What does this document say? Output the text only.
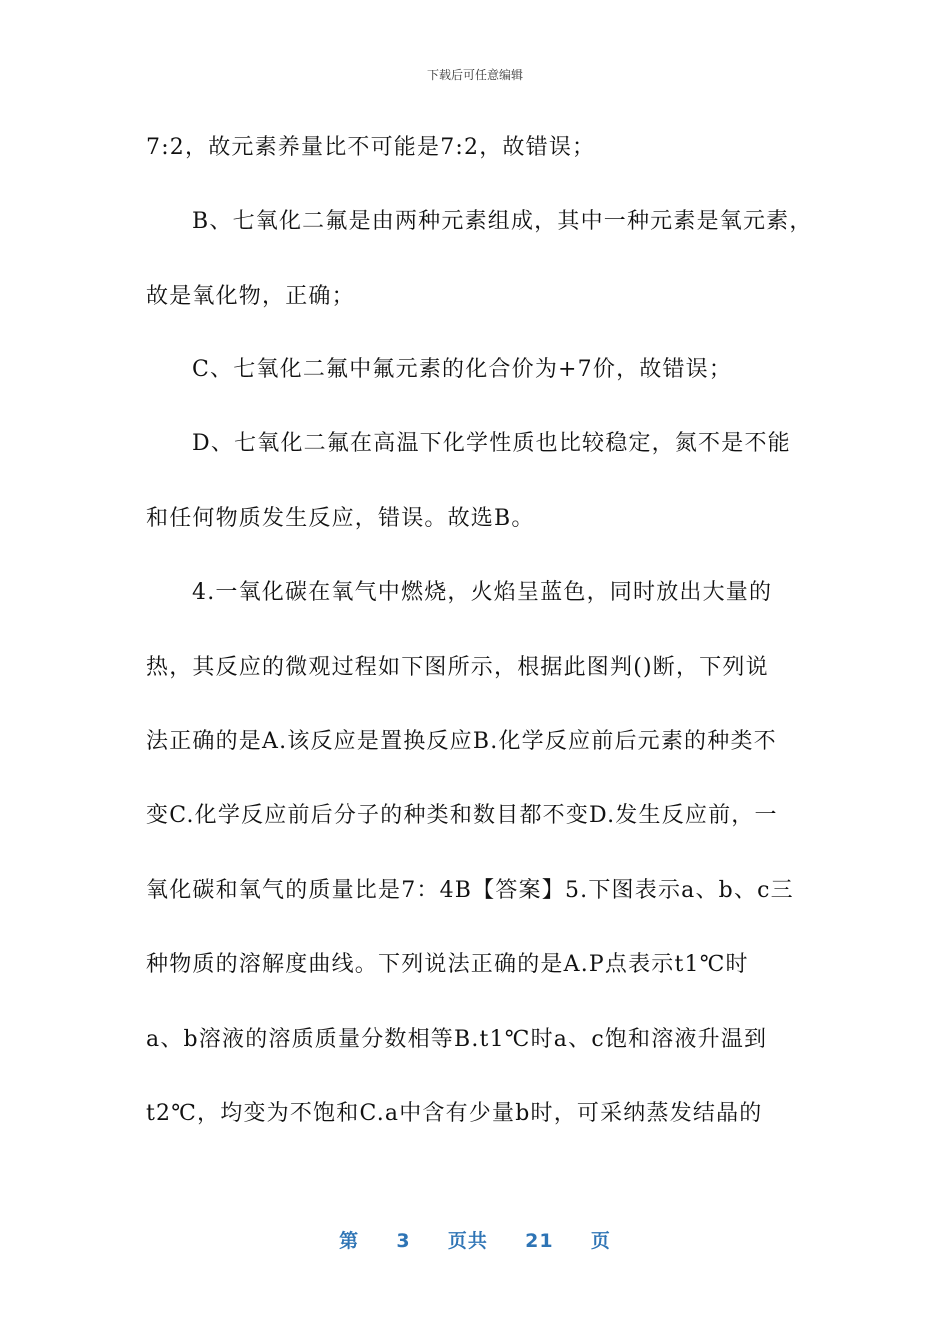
下载后可任意编辑
7:2，故元素养量比不可能是7:2，故错误；
B、七氧化二氟是由两种元素组成，其中一种元素是氧元素，
故是氧化物，正确；
C、七氧化二氟中氟元素的化合价为+7价，故错误；
D、七氧化二氟在高温下化学性质也比较稳定，氮不是不能
和任何物质发生反应，错误。故选B。
4.一氧化碳在氧气中燃烧，火焰呈蓝色，同时放出大量的
热，其反应的微观过程如下图所示，根据此图判()断，下列说
法正确的是A.该反应是置换反应B.化学反应前后元素的种类不
变C.化学反应前后分子的种类和数目都不变D.发生反应前，一
氧化碳和氧气的质量比是7：4B【答案】5.下图表示a、b、c三
种物质的溶解度曲线。下列说法正确的是A.P点表示t1℃时
a、b溶液的溶质质量分数相等B.t1℃时a、c饱和溶液升温到
t2℃，均变为不饱和C.a中含有少量b时，可采纳蒸发结晶的
第 3 页共 21 页
